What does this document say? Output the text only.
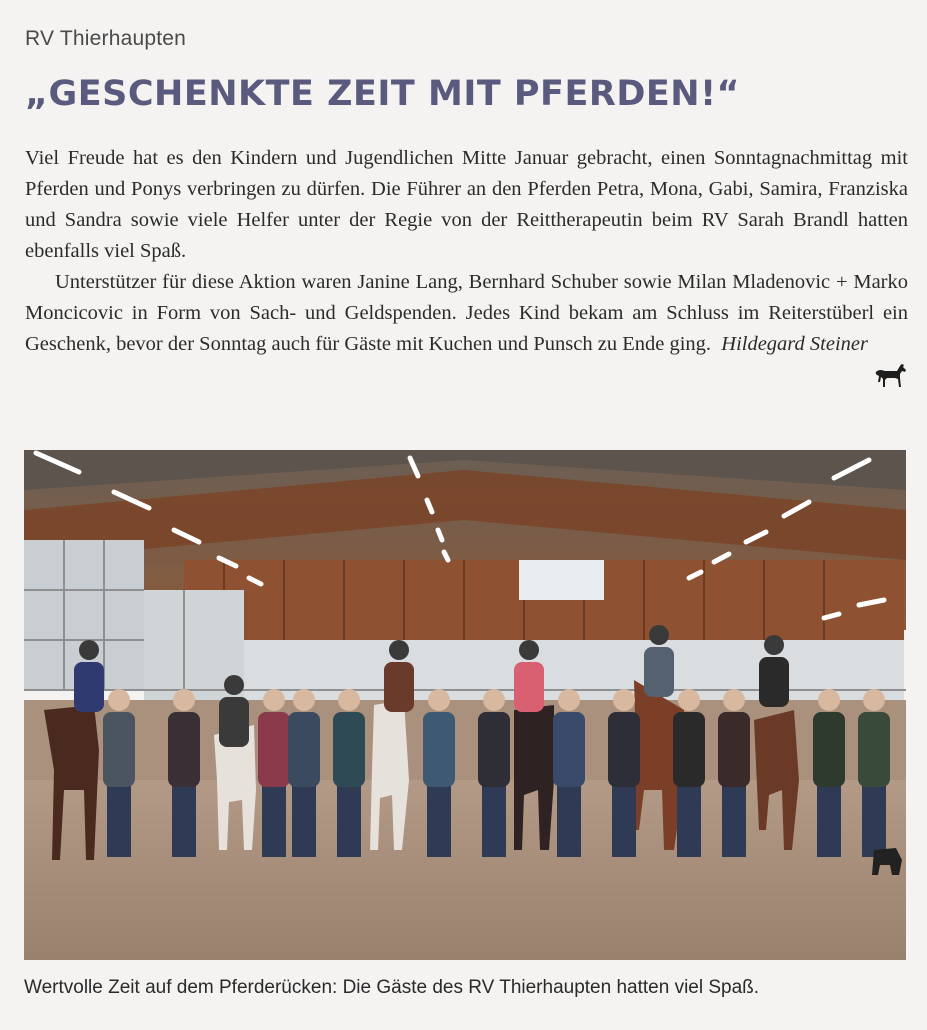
RV Thierhaupten
„GESCHENKTE ZEIT MIT PFERDEN!“

Viel Freude hat es den Kindern und Jugendlichen Mitte Januar gebracht, einen Sonntagnachmittag mit Pferden und Ponys verbringen zu dürfen. Die Führer an den Pferden Petra, Mona, Gabi, Samira, Franziska und Sandra sowie viele Helfer unter der Regie von der Reittherapeutin beim RV Sarah Brandl hatten ebenfalls viel Spaß.

Unterstützer für diese Aktion waren Janine Lang, Bernhard Schuber sowie Milan Mladenovic + Marko Moncicovic in Form von Sach- und Geldspenden. Jedes Kind bekam am Schluss im Reiterstüberl ein Geschenk, bevor der Sonntag auch für Gäste mit Kuchen und Punsch zu Ende ging. Hildegard Steiner

Wertvolle Zeit auf dem Pferderücken: Die Gäste des RV Thierhaupten hatten viel Spaß.
